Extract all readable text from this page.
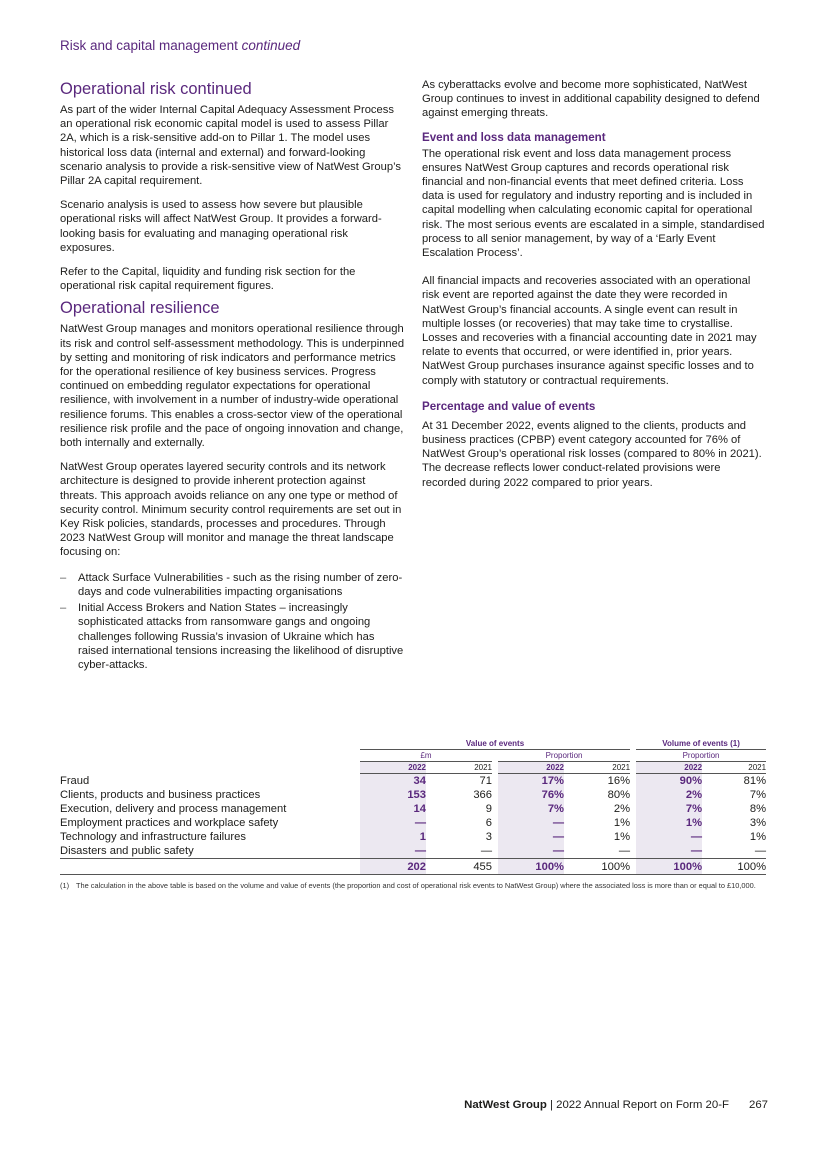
Risk and capital management continued
Operational risk continued

As part of the wider Internal Capital Adequacy Assessment Process an operational risk economic capital model is used to assess Pillar 2A, which is a risk-sensitive add-on to Pillar 1. The model uses historical loss data (internal and external) and forward-looking scenario analysis to provide a risk-sensitive view of NatWest Group’s Pillar 2A capital requirement.

Scenario analysis is used to assess how severe but plausible operational risks will affect NatWest Group. It provides a forward-looking basis for evaluating and managing operational risk exposures.

Refer to the Capital, liquidity and funding risk section for the operational risk capital requirement figures.

Operational resilience

NatWest Group manages and monitors operational resilience through its risk and control self-assessment methodology. This is underpinned by setting and monitoring of risk indicators and performance metrics for the operational resilience of key business services. Progress continued on embedding regulator expectations for operational resilience, with involvement in a number of industry-wide operational resilience forums. This enables a cross-sector view of the operational resilience risk profile and the pace of ongoing innovation and change, both internally and externally.

NatWest Group operates layered security controls and its network architecture is designed to provide inherent protection against threats. This approach avoids reliance on any one type or method of security control. Minimum security control requirements are set out in Key Risk policies, standards, processes and procedures. Through 2023 NatWest Group will monitor and manage the threat landscape focusing on:

– Attack Surface Vulnerabilities - such as the rising number of zero-days and code vulnerabilities impacting organisations
– Initial Access Brokers and Nation States – increasingly sophisticated attacks from ransomware gangs and ongoing challenges following Russia’s invasion of Ukraine which has raised international tensions increasing the likelihood of disruptive cyber-attacks.

As cyberattacks evolve and become more sophisticated, NatWest Group continues to invest in additional capability designed to defend against emerging threats.

Event and loss data management

The operational risk event and loss data management process ensures NatWest Group captures and records operational risk financial and non-financial events that meet defined criteria. Loss data is used for regulatory and industry reporting and is included in capital modelling when calculating economic capital for operational risk. The most serious events are escalated in a simple, standardised process to all senior management, by way of a ‘Early Event Escalation Process’.

All financial impacts and recoveries associated with an operational risk event are reported against the date they were recorded in NatWest Group’s financial accounts. A single event can result in multiple losses (or recoveries) that may take time to crystallise. Losses and recoveries with a financial accounting date in 2021 may relate to events that occurred, or were identified in, prior years. NatWest Group purchases insurance against specific losses and to comply with statutory or contractual requirements.

Percentage and value of events

At 31 December 2022, events aligned to the clients, products and business practices (CPBP) event category accounted for 76% of NatWest Group’s operational risk losses (compared to 80% in 2021). The decrease reflects lower conduct-related provisions were recorded during 2022 compared to prior years.

	Value of events						Volume of events (1)	
	£m			Proportion			Proportion	
	2022	2021		2022	2021		2022	2021
Fraud	34	71		17%	16%		90%	81%
Clients, products and business practices	153	366		76%	80%		2%	7%
Execution, delivery and process management	14	9		7%	2%		7%	8%
Employment practices and workplace safety	—	6		—	1%		1%	3%
Technology and infrastructure failures	1	3		—	1%		—	1%
Disasters and public safety	—	—		—	—		—	—
	202	455		100%	100%		100%	100%
(1) The calculation in the above table is based on the volume and value of events (the proportion and cost of operational risk events to NatWest Group) where the associated loss is more than or equal to £10,000.
NatWest Group | 2022 Annual Report on Form 20-F 267
